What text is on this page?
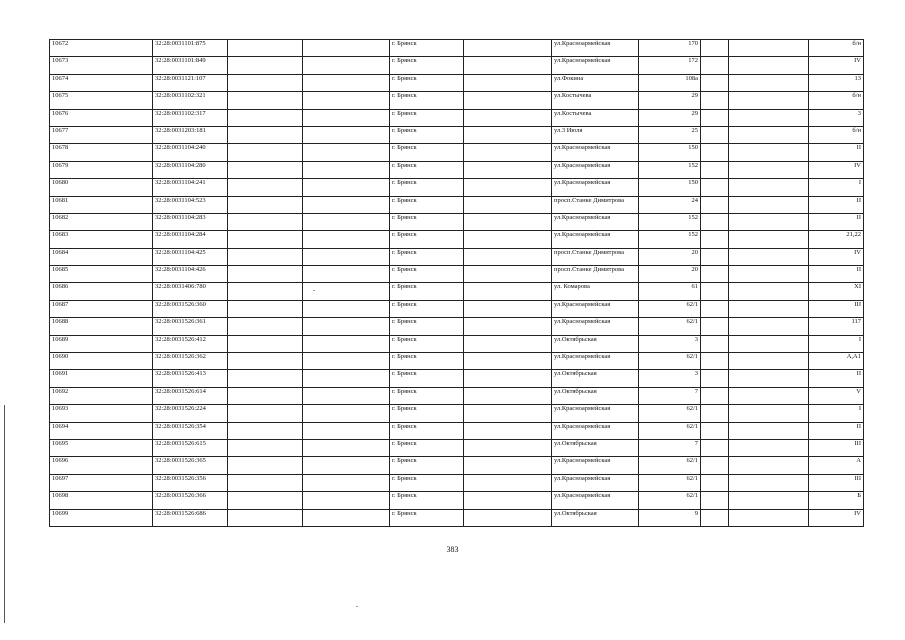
10672	32:28:0031101:875			г. Брянск		ул.Красноармейская	170			б/н
10673	32:28:0031101:849			г. Брянск		ул.Красноармейская	172			IV
10674	32:28:0031121:107			г. Брянск		ул.Фокина	108а			13
10675	32:28:0031102:321			г. Брянск		ул.Костычева	29			б/н
10676	32:28:0031102:317			г. Брянск		ул.Костычева	29			3
10677	32:28:0031203:181			г. Брянск		ул.3 Июля	25			б/н
10678	32:28:0031104:240			г. Брянск		ул.Красноармейская	150			II
10679	32:28:0031104:280			г. Брянск		ул.Красноармейская	152			IV
10680	32:28:0031104:241			г. Брянск		ул.Красноармейская	150			I
10681	32:28:0031104:523			г. Брянск		просп.Станке Димитрова	24			II
10682	32:28:0031104:283			г. Брянск		ул.Красноармейская	152			II
10683	32:28:0031104:284			г. Брянск		ул.Красноармейская	152			21,22
10684	32:28:0031104:425			г. Брянск		просп.Станке Димитрова	20			IV
10685	32:28:0031104:426			г. Брянск		просп.Станке Димитрова	20			II
10686	32:28:0031406:780			г. Брянск		ул. Комарова	61			XI
10687	32:28:0031526:360			г. Брянск		ул.Красноармейская	62/1			III
10688	32:28:0031526:361			г. Брянск		ул.Красноармейская	62/1			117
10689	32:28:0031526:412			г. Брянск		ул.Октябрьская	3			I
10690	32:28:0031526:362			г. Брянск		ул.Красноармейская	62/1			А,А1
10691	32:28:0031526:413			г. Брянск		ул.Октябрьская	3			II
10692	32:28:0031526:614			г. Брянск		ул.Октябрьская	7			V
10693	32:28:0031526:224			г. Брянск		ул.Красноармейская	62/1			I
10694	32:28:0031526:354			г. Брянск		ул.Красноармейская	62/1			II
10695	32:28:0031526:615			г. Брянск		ул.Октябрьская	7			III
10696	32:28:0031526:365			г. Брянск		ул.Красноармейская	62/1			А
10697	32:28:0031526:356			г. Брянск		ул.Красноармейская	62/1			III
10698	32:28:0031526:366			г. Брянск		ул.Красноармейская	62/1			Б
10699	32:28:0031526:686			г. Брянск		ул.Октябрьская	9			IV
383
